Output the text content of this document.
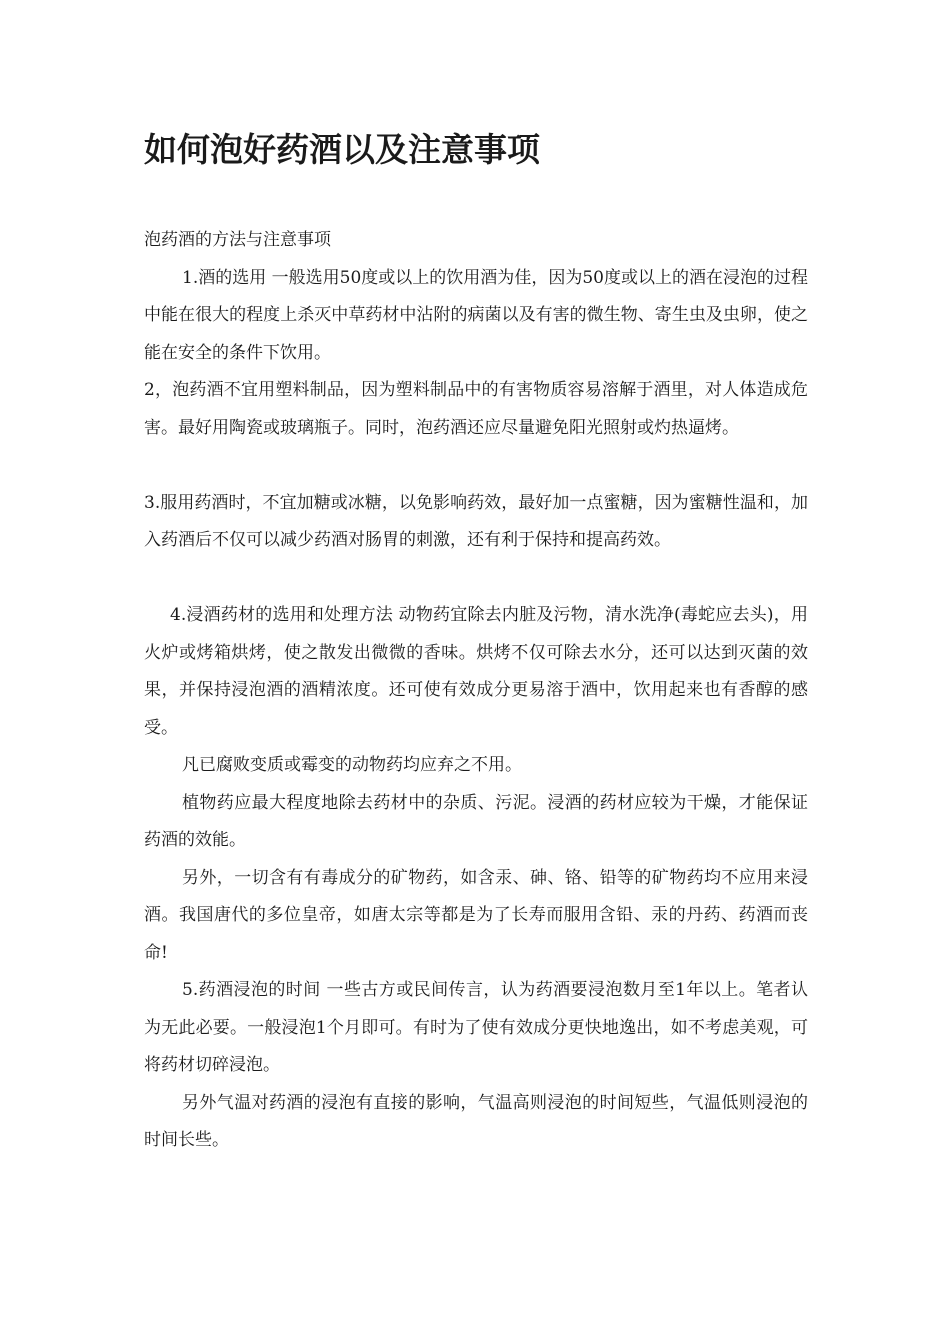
如何泡好药酒以及注意事项

泡药酒的方法与注意事项

1.酒的选用 一般选用50度或以上的饮用酒为佳，因为50度或以上的酒在浸泡的过程中能在很大的程度上杀灭中草药材中沾附的病菌以及有害的微生物、寄生虫及虫卵，使之能在安全的条件下饮用。

2，泡药酒不宜用塑料制品，因为塑料制品中的有害物质容易溶解于酒里，对人体造成危害。最好用陶瓷或玻璃瓶子。同时，泡药酒还应尽量避免阳光照射或灼热逼烤。

3.服用药酒时，不宜加糖或冰糖，以免影响药效，最好加一点蜜糖，因为蜜糖性温和，加入药酒后不仅可以减少药酒对肠胃的刺激，还有利于保持和提高药效。

4.浸酒药材的选用和处理方法 动物药宜除去内脏及污物，清水洗净(毒蛇应去头)，用火炉或烤箱烘烤，使之散发出微微的香味。烘烤不仅可除去水分，还可以达到灭菌的效果，并保持浸泡酒的酒精浓度。还可使有效成分更易溶于酒中，饮用起来也有香醇的感受。

凡已腐败变质或霉变的动物药均应弃之不用。

植物药应最大程度地除去药材中的杂质、污泥。浸酒的药材应较为干燥，才能保证药酒的效能。

另外，一切含有有毒成分的矿物药，如含汞、砷、铬、铅等的矿物药均不应用来浸酒。我国唐代的多位皇帝，如唐太宗等都是为了长寿而服用含铅、汞的丹药、药酒而丧命!

5.药酒浸泡的时间 一些古方或民间传言，认为药酒要浸泡数月至1年以上。笔者认为无此必要。一般浸泡1个月即可。有时为了使有效成分更快地逸出，如不考虑美观，可将药材切碎浸泡。

另外气温对药酒的浸泡有直接的影响，气温高则浸泡的时间短些，气温低则浸泡的时间长些。
